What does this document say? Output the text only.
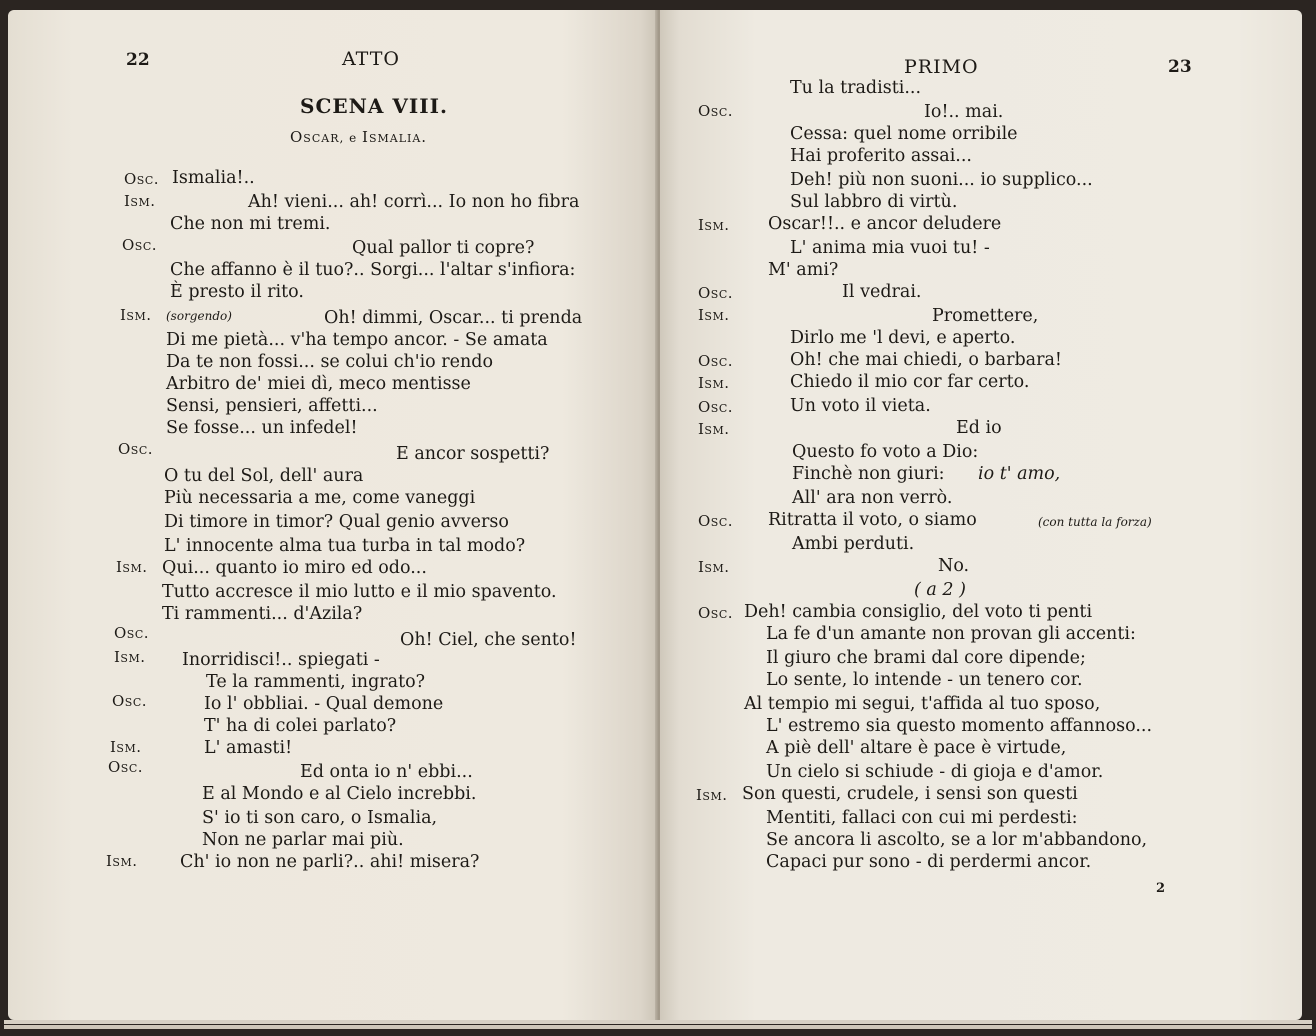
22	ATTO
SCENA VIII.
Oscar, e Ismalia.
Osc. Ismalia!..
Ism.	Ah! vieni... ah! corrì... Io non ho fibra
Che non mi tremi.
Osc.	Qual pallor ti copre?
Che affanno è il tuo?.. Sorgi... l'altar s'infiora:
È presto il rito.
Ism. (sorgendo)	Oh! dimmi, Oscar... ti prenda
Di me pietà... v'ha tempo ancor. - Se amata
Da te non fossi... se colui ch'io rendo
Arbitro de' miei dì, meco mentisse
Sensi, pensieri, affetti...
Se fosse... un infedel!
Osc.	E ancor sospetti?
O tu del Sol, dell' aura
Più necessaria a me, come vaneggi
Di timore in timor? Qual genio avverso
L' innocente alma tua turba in tal modo?
Ism. Qui... quanto io miro ed odo...
Tutto accresce il mio lutto e il mio spavento.
Ti rammenti... d'Azila?
Osc.	Oh! Ciel, che sento!
Ism. Inorridisci!.. spiegati -
Te la rammenti, ingrato?
Osc.	Io l' obbliai. - Qual demone
T' ha di colei parlato?
Ism.	L' amasti!
Osc.	Ed onta io n' ebbi...
E al Mondo e al Cielo increbbi.
S' io ti son caro, o Ismalia,
Non ne parlar mai più.
Ism. Ch' io non ne parli?.. ahi! misera?
PRIMO	23
Tu la tradisti...
Osc.	Io!.. mai.
Cessa: quel nome orribile
Hai proferito assai...
Deh! più non suoni... io supplico...
Sul labbro di virtù.
Ism. Oscar!!.. e ancor deludere
L' anima mia vuoi tu! -
M' ami?
Osc.	Il vedrai.
Ism.	Promettere,
Dirlo me 'l devi, e aperto.
Osc.	Oh! che mai chiedi, o barbara!
Ism.	Chiedo il mio cor far certo.
Osc.	Un voto il vieta.
Ism.	Ed io
Questo fo voto a Dio:
Finchè non giuri: io t' amo,
All' ara non verrò.
Osc. Ritratta il voto, o siamo	(con tutta la forza)
Ambi perduti.
Ism.	No.
( a 2 )
Osc. Deh! cambia consiglio, del voto ti penti
La fe d'un amante non provan gli accenti:
Il giuro che brami dal core dipende;
Lo sente, lo intende - un tenero cor.
Al tempio mi segui, t'affida al tuo sposo,
L' estremo sia questo momento affannoso...
A piè dell' altare è pace è virtude,
Un cielo si schiude - di gioja e d'amor.
Ism. Son questi, crudele, i sensi son questi
Mentiti, fallaci con cui mi perdesti:
Se ancora li ascolto, se a lor m'abbandono,
Capaci pur sono - di perdermi ancor.
2
